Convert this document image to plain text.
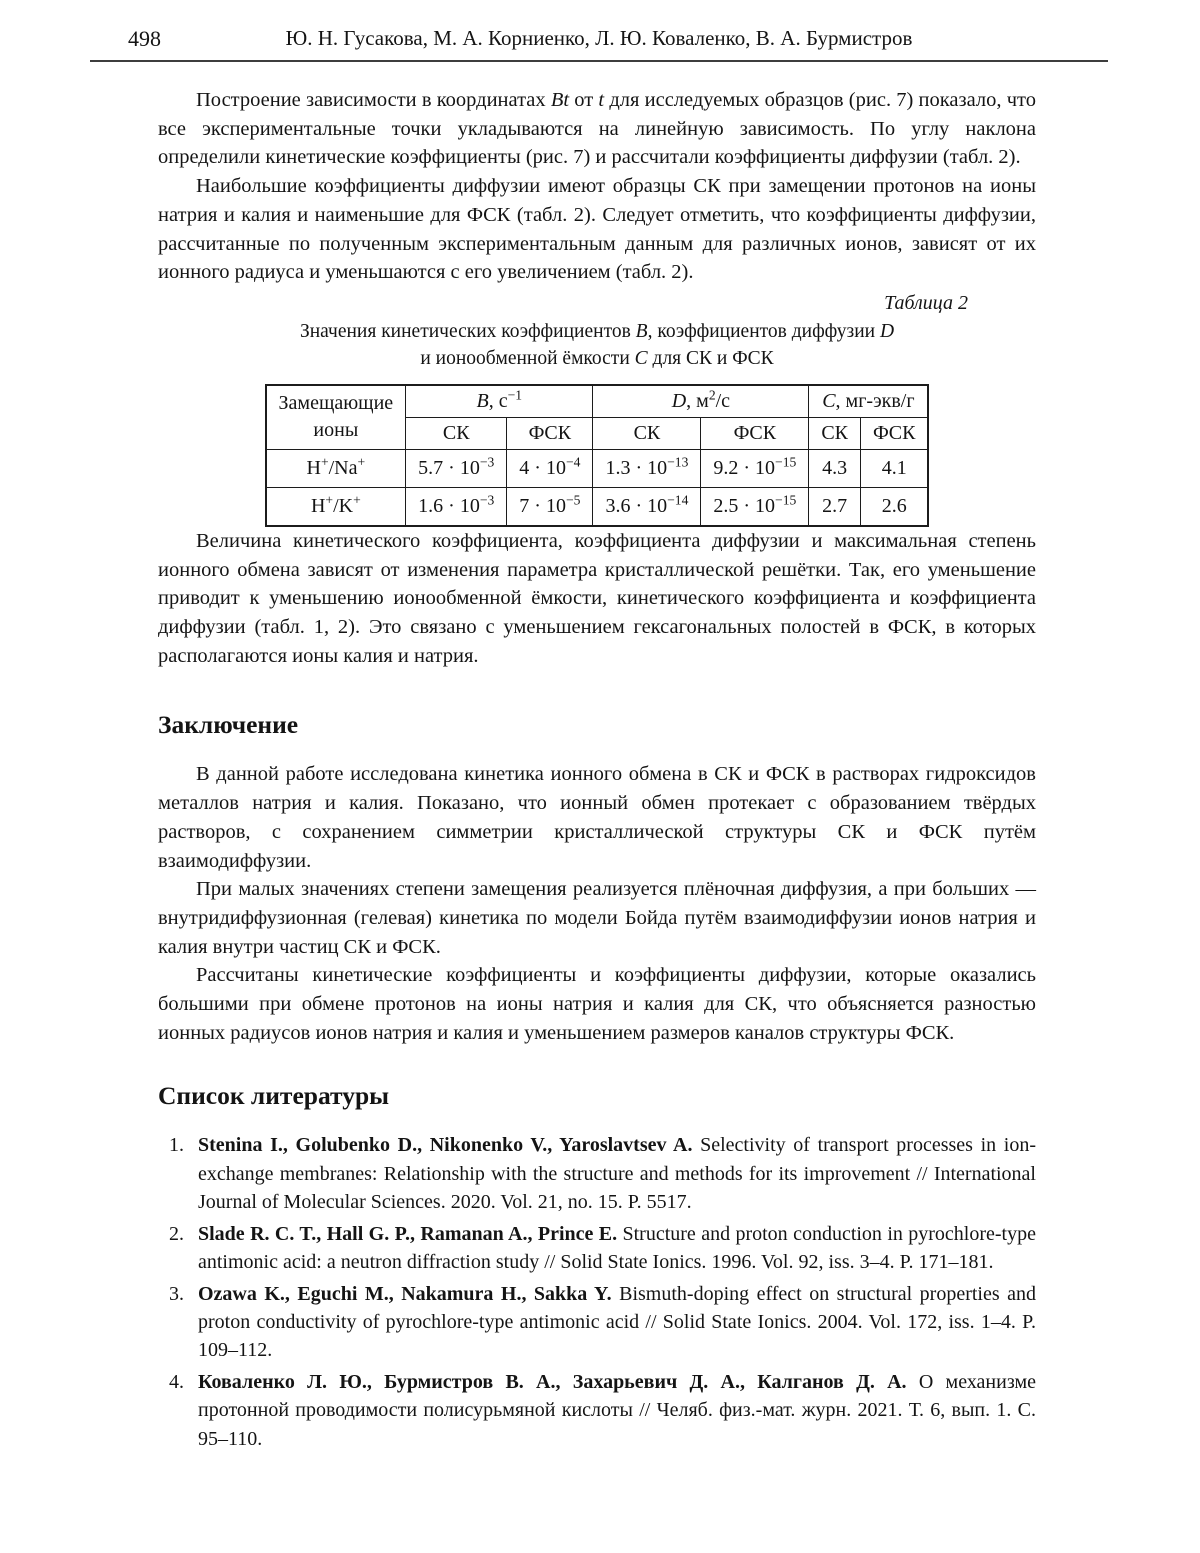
498	Ю. Н. Гусакова, М. А. Корниенко, Л. Ю. Коваленко, В. А. Бурмистров

Построение зависимости в координатах Bt от t для исследуемых образцов (рис. 7) показало, что все экспериментальные точки укладываются на линейную зависимость. По углу наклона определили кинетические коэффициенты (рис. 7) и рассчитали коэффициенты диффузии (табл. 2).

Наибольшие коэффициенты диффузии имеют образцы СК при замещении протонов на ионы натрия и калия и наименьшие для ФСК (табл. 2). Следует отметить, что коэффициенты диффузии, рассчитанные по полученным экспериментальным данным для различных ионов, зависят от их ионного радиуса и уменьшаются с его увеличением (табл. 2).

Таблица 2
Значения кинетических коэффициентов B, коэффициентов диффузии D
и ионообменной ёмкости C для СК и ФСК
Замещающие
ионы	B, $с^{-1}$		D, $м^2/с$		C, мг-экв/г	
	СК	ФСК	СК	ФСК	СК	ФСК
H+/Na+	$5.7 \cdot 10^{-3}$	$4 \cdot 10^{-4}$	$1.3 \cdot 10^{-13}$	$9.2 \cdot 10^{-15}$	4.3	4.1
H+/K+	$1.6 \cdot 10^{-3}$	$7 \cdot 10^{-5}$	$3.6 \cdot 10^{-14}$	$2.5 \cdot 10^{-15}$	2.7	2.6

Величина кинетического коэффициента, коэффициента диффузии и максимальная степень ионного обмена зависят от изменения параметра кристаллической решётки. Так, его уменьшение приводит к уменьшению ионообменной ёмкости, кинетического коэффициента и коэффициента диффузии (табл. 1, 2). Это связано с уменьшением гексагональных полостей в ФСК, в которых располагаются ионы калия и натрия.

Заключение

В данной работе исследована кинетика ионного обмена в СК и ФСК в растворах гидроксидов металлов натрия и калия. Показано, что ионный обмен протекает с образованием твёрдых растворов, с сохранением симметрии кристаллической структуры СК и ФСК путём взаимодиффузии.

При малых значениях степени замещения реализуется плёночная диффузия, а при больших — внутридиффузионная (гелевая) кинетика по модели Бойда путём взаимодиффузии ионов натрия и калия внутри частиц СК и ФСК.

Рассчитаны кинетические коэффициенты и коэффициенты диффузии, которые оказались большими при обмене протонов на ионы натрия и калия для СК, что объясняется разностью ионных радиусов ионов натрия и калия и уменьшением размеров каналов структуры ФСК.

Список литературы
1. Stenina I., Golubenko D., Nikonenko V., Yaroslavtsev A. Selectivity of transport processes in ion-exchange membranes: Relationship with the structure and methods for its improvement // International Journal of Molecular Sciences. 2020. Vol. 21, no. 15. P. 5517.
2. Slade R. C. T., Hall G. P., Ramanan A., Prince E. Structure and proton conduction in pyrochlore-type antimonic acid: a neutron diffraction study // Solid State Ionics. 1996. Vol. 92, iss. 3–4. P. 171–181.
3. Ozawa K., Eguchi M., Nakamura H., Sakka Y. Bismuth-doping effect on structural properties and proton conductivity of pyrochlore-type antimonic acid // Solid State Ionics. 2004. Vol. 172, iss. 1–4. P. 109–112.
4. Коваленко Л. Ю., Бурмистров В. А., Захарьевич Д. А., Калганов Д. А. О механизме протонной проводимости полисурьмяной кислоты // Челяб. физ.-мат. журн. 2021. Т. 6, вып. 1. С. 95–110.
